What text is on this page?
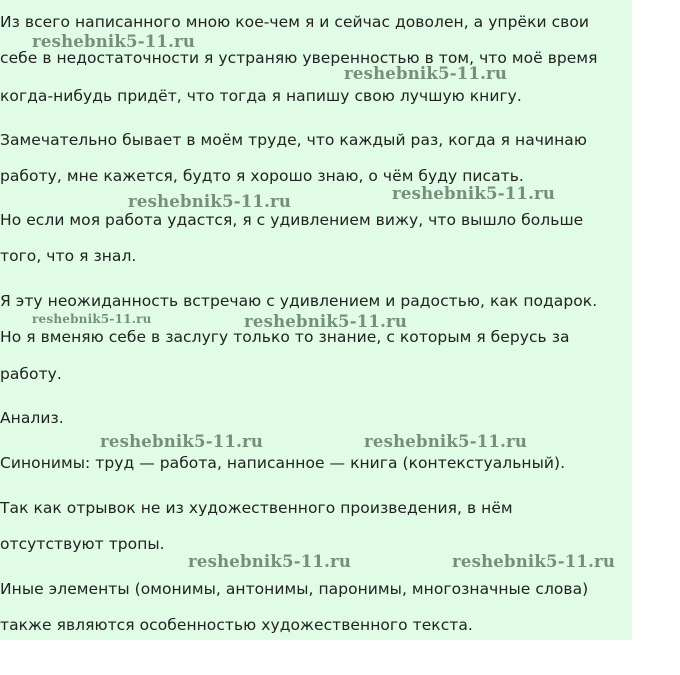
Из всего написанного мною кое-чем я и сейчас доволен, а упрёки свои
себе в недостаточности я устраняю уверенностью в том, что моё время
когда-нибудь придёт, что тогда я напишу свою лучшую книгу.
Замечательно бывает в моём труде, что каждый раз, когда я начинаю
работу, мне кажется, будто я хорошо знаю, о чём буду писать.
Но если моя работа удастся, я с удивлением вижу, что вышло больше
того, что я знал.
Я эту неожиданность встречаю с удивлением и радостью, как подарок.
Но я вменяю себе в заслугу только то знание, с которым я берусь за
работу.
Анализ.
Синонимы: труд — работа, написанное — книга (контекстуальный).
Так как отрывок не из художественного произведения, в нём
отсутствуют тропы.
Иные элементы (омонимы, антонимы, паронимы, многозначные слова)
также являются особенностью художественного текста.
reshebnik5-11.ru
reshebnik5-11.ru
reshebnik5-11.ru
reshebnik5-11.ru
reshebnik5-11.ru	reshebnik5-11.ru
reshebnik5-11.ru	reshebnik5-11.ru
reshebnik5-11.ru	reshebnik5-11.ru
